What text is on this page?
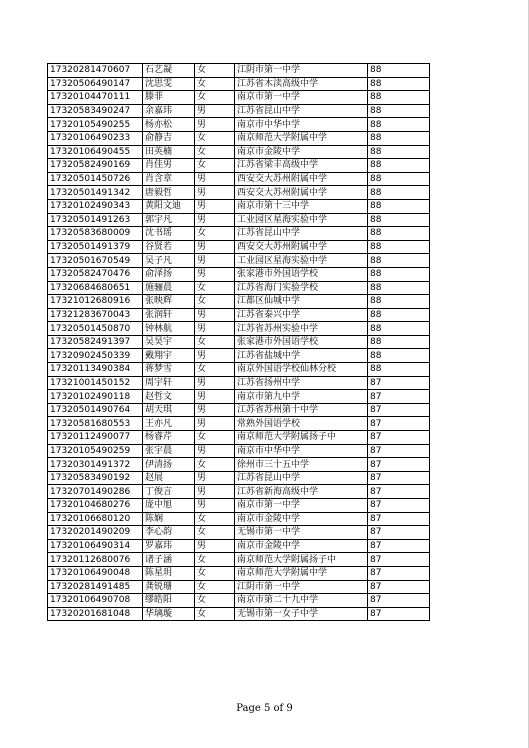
17320281470607	石艺凝	女	江阴市第一中学	88
17320506490147	沈思雯	女	江苏省木渎高级中学	88
17320104470111	滕菲	女	南京市第一中学	88
17320583490247	余嘉玮	男	江苏省昆山中学	88
17320105490255	杨亦松	男	南京市中华中学	88
17320106490233	俞静吉	女	南京师范大学附属中学	88
17320106490455	田英楠	女	南京市金陵中学	88
17320582490169	肖佳男	女	江苏省梁丰高级中学	88
17320501450726	肖含章	男	西安交大苏州附属中学	88
17320501491342	唐毅哲	男	西安交大苏州附属中学	88
17320102490343	黄阳文迪	男	南京市第十三中学	88
17320501491263	郭宇凡	男	工业园区星海实验中学	88
17320583680009	沈书瑶	女	江苏省昆山中学	88
17320501491379	谷贤若	男	西安交大苏州附属中学	88
17320501670549	吴子凡	男	工业园区星海实验中学	88
17320582470476	俞泽扬	男	张家港市外国语学校	88
17320684680651	施骊晨	女	江苏省海门实验学校	88
17321012680916	张映辉	女	江都区仙城中学	88
17321283670043	张润轩	男	江苏省泰兴中学	88
17320501450870	钟林航	男	江苏省苏州实验中学	88
17320582491397	吴昊宇	女	张家港市外国语学校	88
17320902450339	戴翔宇	男	江苏省盐城中学	88
17320113490384	蒋梦雪	女	南京外国语学校仙林分校	88
17321001450152	周宇轩	男	江苏省扬州中学	87
17320102490118	赵哲文	男	南京市第九中学	87
17320501490764	胡天琪	男	江苏省苏州第十中学	87
17320581680553	王亦凡	男	常熟外国语学校	87
17320112490077	杨睿芹	女	南京师范大学附属扬子中	87
17320105490259	张宇晨	男	南京市中华中学	87
17320301491372	伊清扬	女	徐州市三十五中学	87
17320583490192	赵展	男	江苏省昆山中学	87
17320701490286	丁俊言	男	江苏省新海高级中学	87
17320104680276	庞中旭	男	南京市第一中学	87
17320106680120	陈娴	女	南京市金陵中学	87
17320201490209	李心韵	女	无锡市第一中学	87
17320106490314	罗嘉玮	男	南京市金陵中学	87
17320112680076	诸子涵	女	南京师范大学附属扬子中	87
17320106490048	陈星玥	女	南京师范大学附属中学	87
17320281491485	龚锐珊	女	江阴市第一中学	87
17320106490708	缪皓阳	女	南京市第二十九中学	87
17320201681048	华璃璇	女	无锡市第一女子中学	87
Page 5 of 9
